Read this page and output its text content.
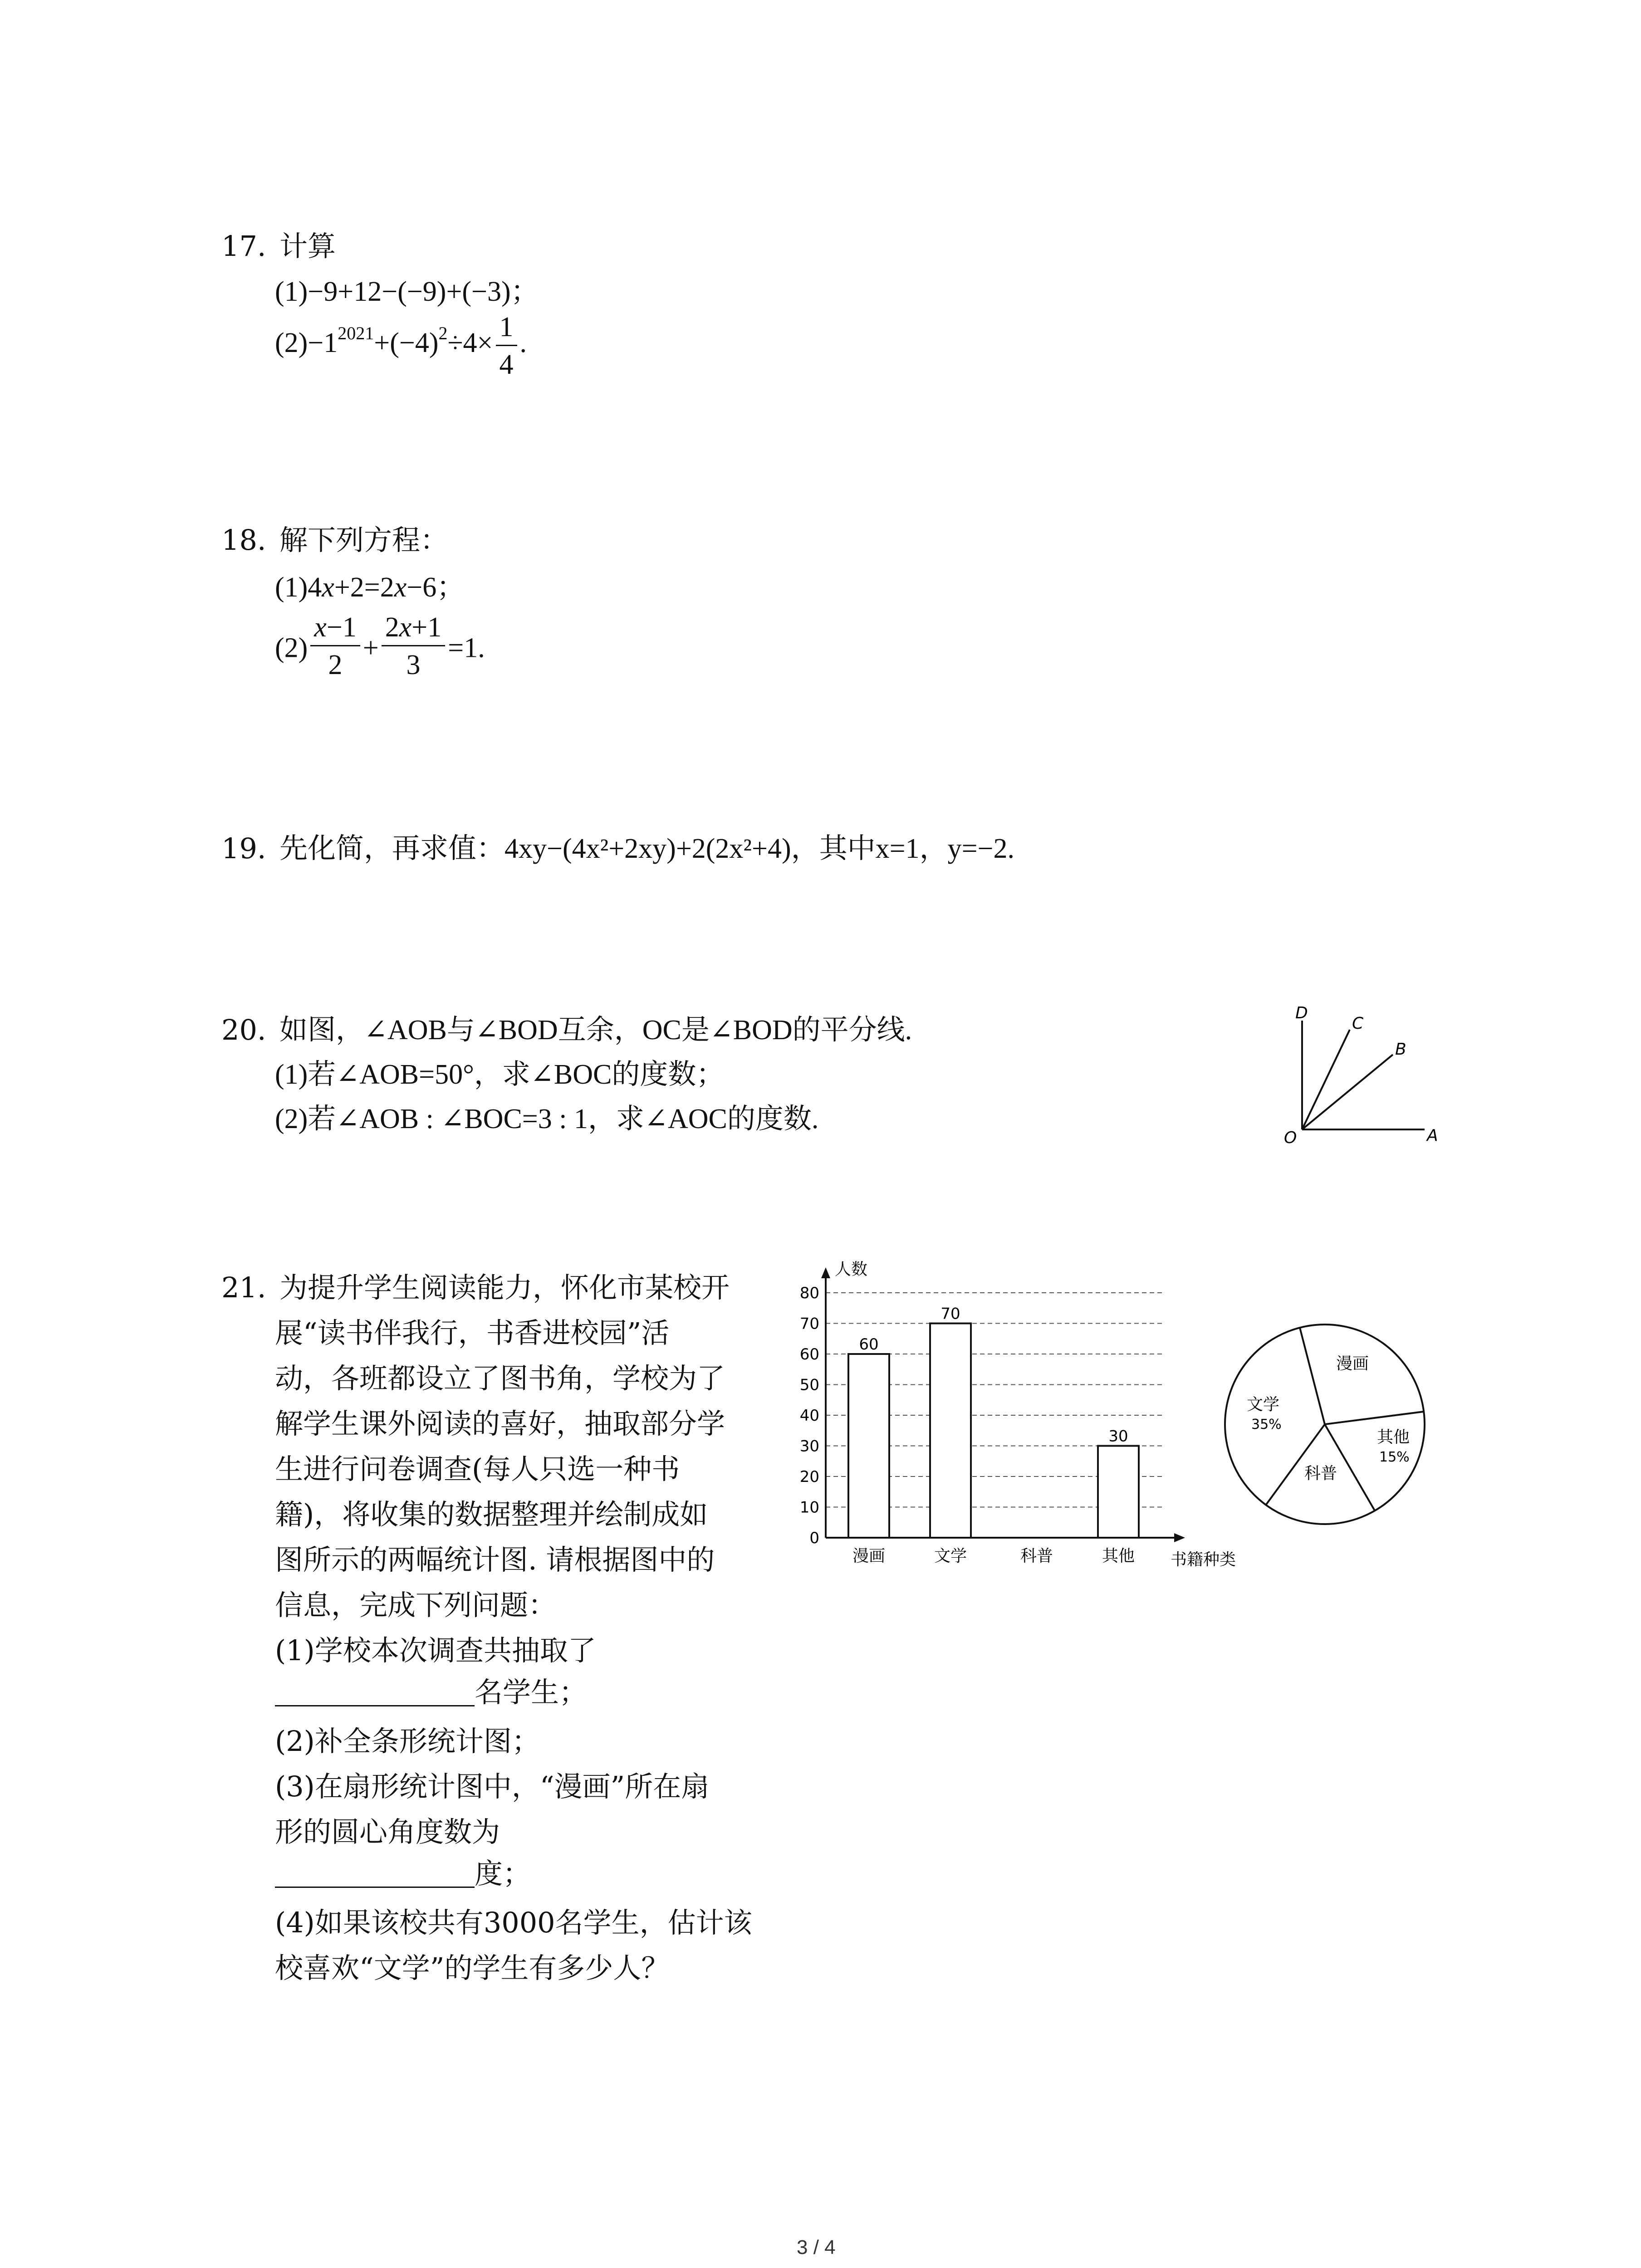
17. 计算
(1)−9+12−(−9)+(−3)；
$(2)-1^{2021}+(-4)^2\div 4\times \frac{1}{4}$ .
18. 解下列方程：
(1)4x+2=2x−6；
$(2) \frac{x-1}{2} + \frac{2x+1}{3} =1$.
19. 先化简，再求值：4xy−(4x²+2xy)+2(2x²+4)，其中x=1，y=−2.
20. 如图，∠AOB与∠BOD互余，OC是∠BOD的平分线.
(1)若∠AOB=50°，求∠BOC的度数；
(2)若∠AOB : ∠BOC=3 : 1，求∠AOC的度数.
D
C
B
O	A
21. 为提升学生阅读能力，怀化市某校开
展“读书伴我行，书香进校园”活
动，各班都设立了图书角，学校为了
解学生课外阅读的喜好，抽取部分学
生进行问卷调查(每人只选一种书
籍)，将收集的数据整理并绘制成如
图所示的两幅统计图. 请根据图中的
信息，完成下列问题：
(1)学校本次调查共抽取了
名学生；
(2)补全条形统计图；
(3)在扇形统计图中，“漫画”所在扇
形的圆心角度数为
度；
(4)如果该校共有3000名学生，估计该
校喜欢“文学”的学生有多少人？
人数
书籍种类
0
10
20
30
40
50
60
70
80
60
漫画
70
文学	科普
30
其他
漫画
其他
15%
科普
文学
35%
3 / 4
